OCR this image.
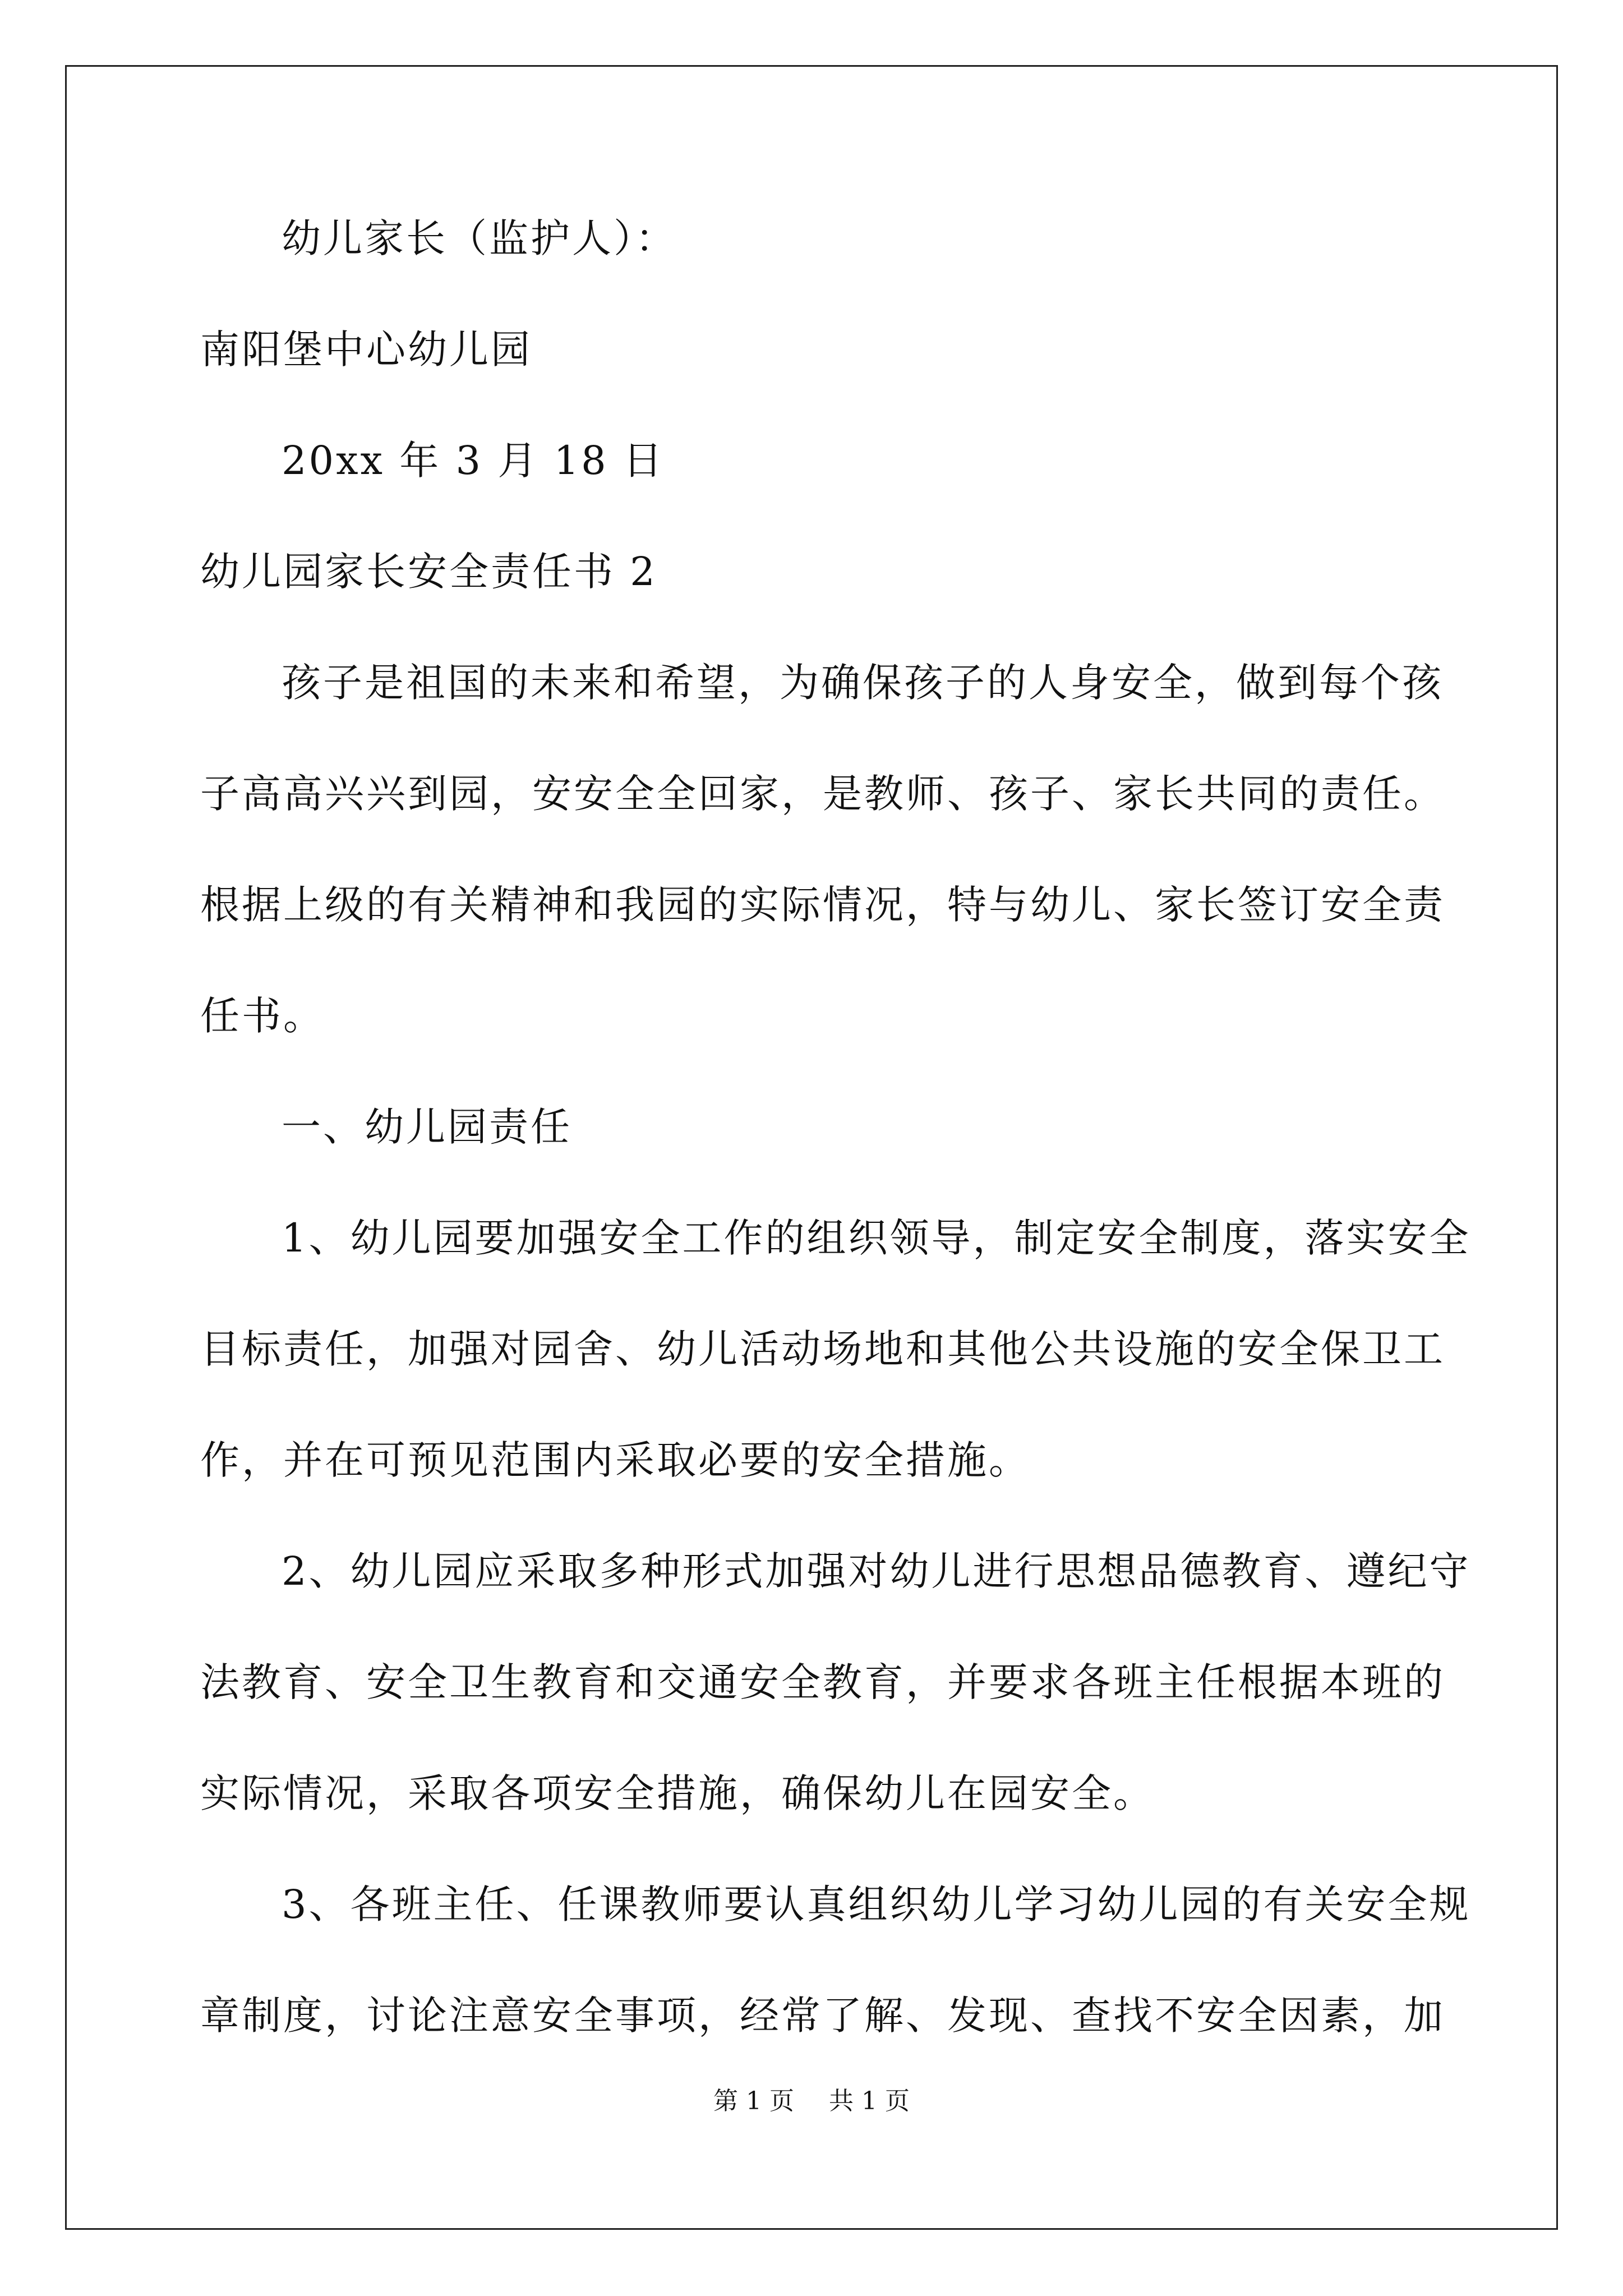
幼儿家长（监护人）：
南阳堡中心幼儿园
20xx 年 3 月 18 日
幼儿园家长安全责任书 2
孩子是祖国的未来和希望，为确保孩子的人身安全，做到每个孩
子高高兴兴到园，安安全全回家，是教师、孩子、家长共同的责任。
根据上级的有关精神和我园的实际情况，特与幼儿、家长签订安全责
任书。
一、幼儿园责任
1、幼儿园要加强安全工作的组织领导，制定安全制度，落实安全
目标责任，加强对园舍、幼儿活动场地和其他公共设施的安全保卫工
作，并在可预见范围内采取必要的安全措施。
2、幼儿园应采取多种形式加强对幼儿进行思想品德教育、遵纪守
法教育、安全卫生教育和交通安全教育，并要求各班主任根据本班的
实际情况，采取各项安全措施，确保幼儿在园安全。
3、各班主任、任课教师要认真组织幼儿学习幼儿园的有关安全规
章制度，讨论注意安全事项，经常了解、发现、查找不安全因素，加
第 1 页 共 1 页
